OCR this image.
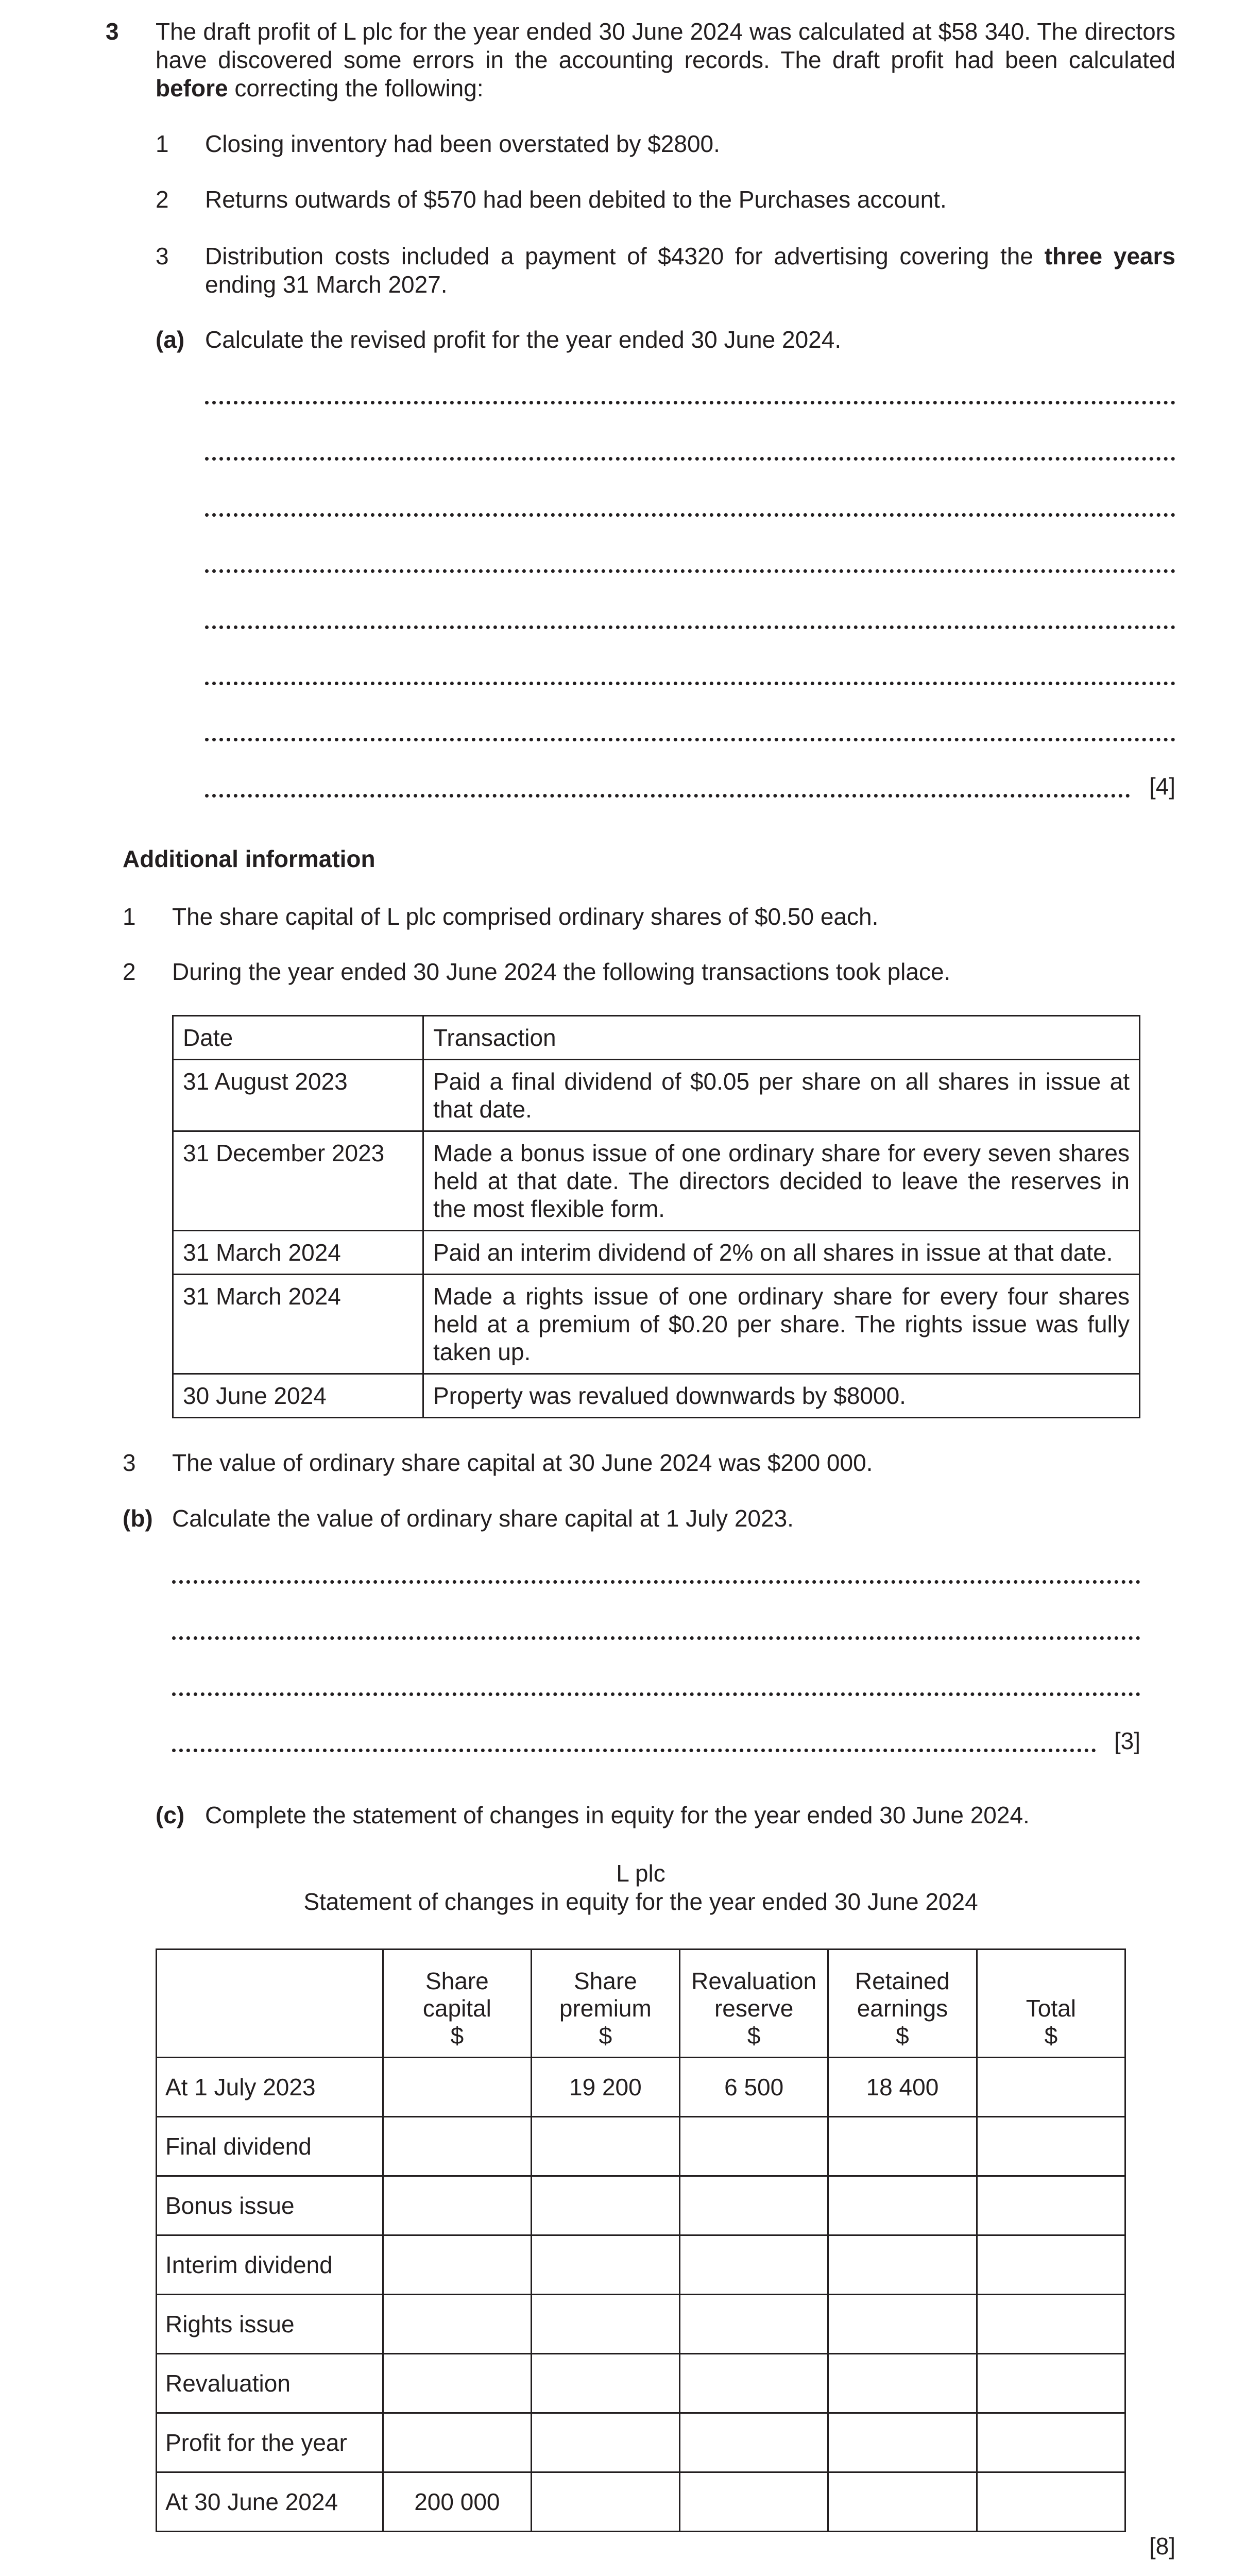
3 The draft profit of L plc for the year ended 30 June 2024 was calculated at $58 340. The directors have discovered some errors in the accounting records. The draft profit had been calculated before correcting the following:
1 Closing inventory had been overstated by $2800.
2 Returns outwards of $570 had been debited to the Purchases account.
3 Distribution costs included a payment of $4320 for advertising covering the three years ending 31 March 2027.
(a) Calculate the revised profit for the year ended 30 June 2024.
[4]
Additional information
1 The share capital of L plc comprised ordinary shares of $0.50 each.
2 During the year ended 30 June 2024 the following transactions took place.
Date	Transaction
31 August 2023	Paid a final dividend of $0.05 per share on all shares in issue at that date.
31 December 2023	Made a bonus issue of one ordinary share for every seven shares held at that date. The directors decided to leave the reserves in the most flexible form.
31 March 2024	Paid an interim dividend of 2% on all shares in issue at that date.
31 March 2024	Made a rights issue of one ordinary share for every four shares held at a premium of $0.20 per share. The rights issue was fully taken up.
30 June 2024	Property was revalued downwards by $8000.
3 The value of ordinary share capital at 30 June 2024 was $200 000.
(b) Calculate the value of ordinary share capital at 1 July 2023.
[3]
(c) Complete the statement of changes in equity for the year ended 30 June 2024.
L plc
Statement of changes in equity for the year ended 30 June 2024
	Share
capital
$	Share
premium
$	Revaluation
reserve
$	Retained
earnings
$	Total
$
At 1 July 2023		19 200	6 500	18 400	
Final dividend					
Bonus issue					
Interim dividend					
Rights issue					
Revaluation					
Profit for the year					
At 30 June 2024	200 000				
[8]
